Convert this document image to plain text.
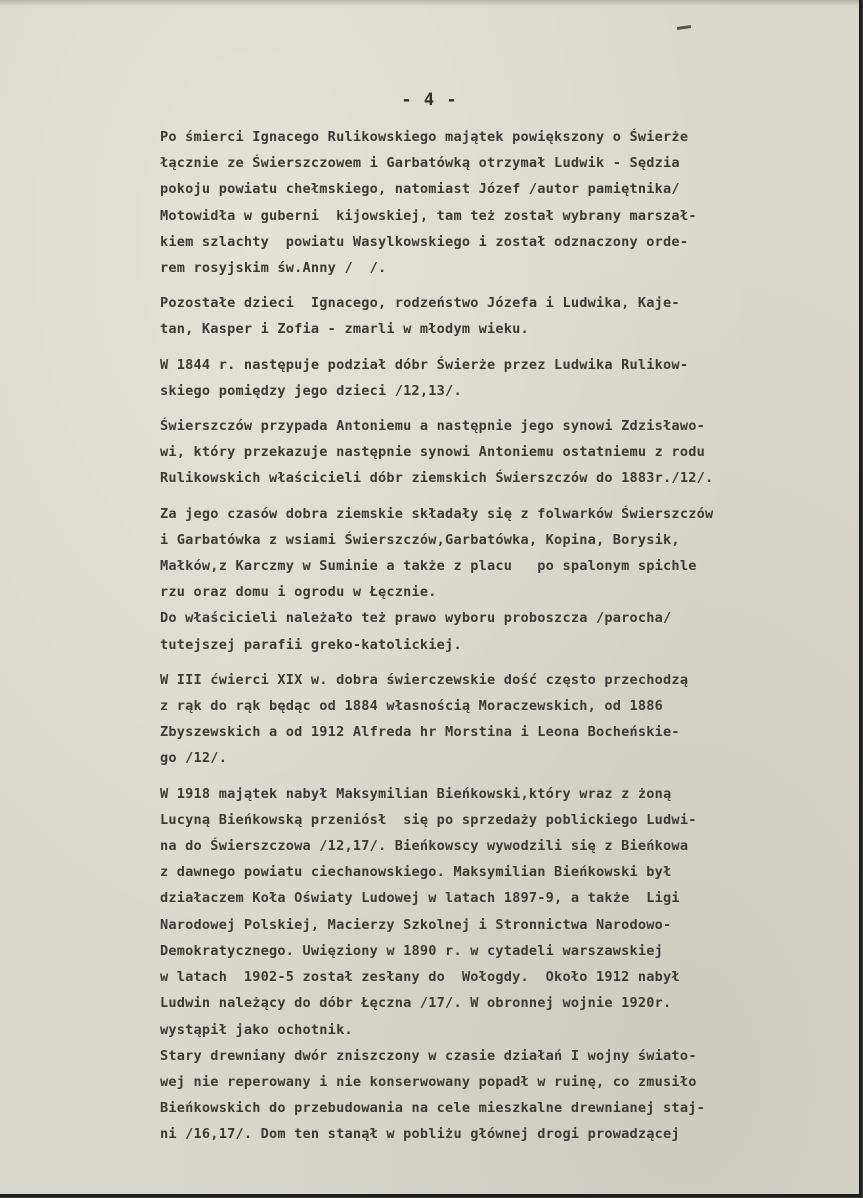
- 4 -
Po śmierci Ignacego Rulikowskiego majątek powiększony o Świerże
łącznie ze Świerszczowem i Garbatówką otrzymał Ludwik - Sędzia
pokoju powiatu chełmskiego, natomiast Józef /autor pamiętnika/
Motowidła w guberni  kijowskiej, tam też został wybrany marszał-
kiem szlachty  powiatu Wasylkowskiego i został odznaczony orde-
rem rosyjskim św.Anny /  /.
Pozostałe dzieci  Ignacego, rodzeństwo Józefa i Ludwika, Kaje-
tan, Kasper i Zofia - zmarli w młodym wieku.
W 1844 r. następuje podział dóbr Świerże przez Ludwika Rulikow-
skiego pomiędzy jego dzieci /12,13/.
Świerszczów przypada Antoniemu a następnie jego synowi Zdzisławo-
wi, który przekazuje następnie synowi Antoniemu ostatniemu z rodu
Rulikowskich właścicieli dóbr ziemskich Świerszczów do 1883r./12/.
Za jego czasów dobra ziemskie składały się z folwarków Świerszczów
i Garbatówka z wsiami Świerszczów,Garbatówka, Kopina, Borysik,
Małków,z Karczmy w Suminie a także z placu   po spalonym spichle
rzu oraz domu i ogrodu w Łęcznie.
Do właścicieli należało też prawo wyboru proboszcza /parocha/
tutejszej parafii greko-katolickiej.
W III ćwierci XIX w. dobra świerczewskie dość często przechodzą
z rąk do rąk będąc od 1884 własnością Moraczewskich, od 1886
Zbyszewskich a od 1912 Alfreda hr Morstina i Leona Bocheńskie-
go /12/.
W 1918 majątek nabył Maksymilian Bieńkowski,który wraz z żoną
Lucyną Bieńkowską przeniósł  się po sprzedaży poblickiego Ludwi-
na do Świerszczowa /12,17/. Bieńkowscy wywodzili się z Bieńkowa
z dawnego powiatu ciechanowskiego. Maksymilian Bieńkowski był
działaczem Koła Oświaty Ludowej w latach 1897-9, a także  Ligi
Narodowej Polskiej, Macierzy Szkolnej i Stronnictwa Narodowo-
Demokratycznego. Uwięziony w 1890 r. w cytadeli warszawskiej
w latach  1902-5 został zesłany do  Wołogdy.  Około 1912 nabył
Ludwin należący do dóbr Łęczna /17/. W obronnej wojnie 1920r.
wystąpił jako ochotnik.
Stary drewniany dwór zniszczony w czasie działań I wojny świato-
wej nie reperowany i nie konserwowany popadł w ruinę, co zmusiło
Bieńkowskich do przebudowania na cele mieszkalne drewnianej staj-
ni /16,17/. Dom ten stanął w pobliżu głównej drogi prowadzącej
